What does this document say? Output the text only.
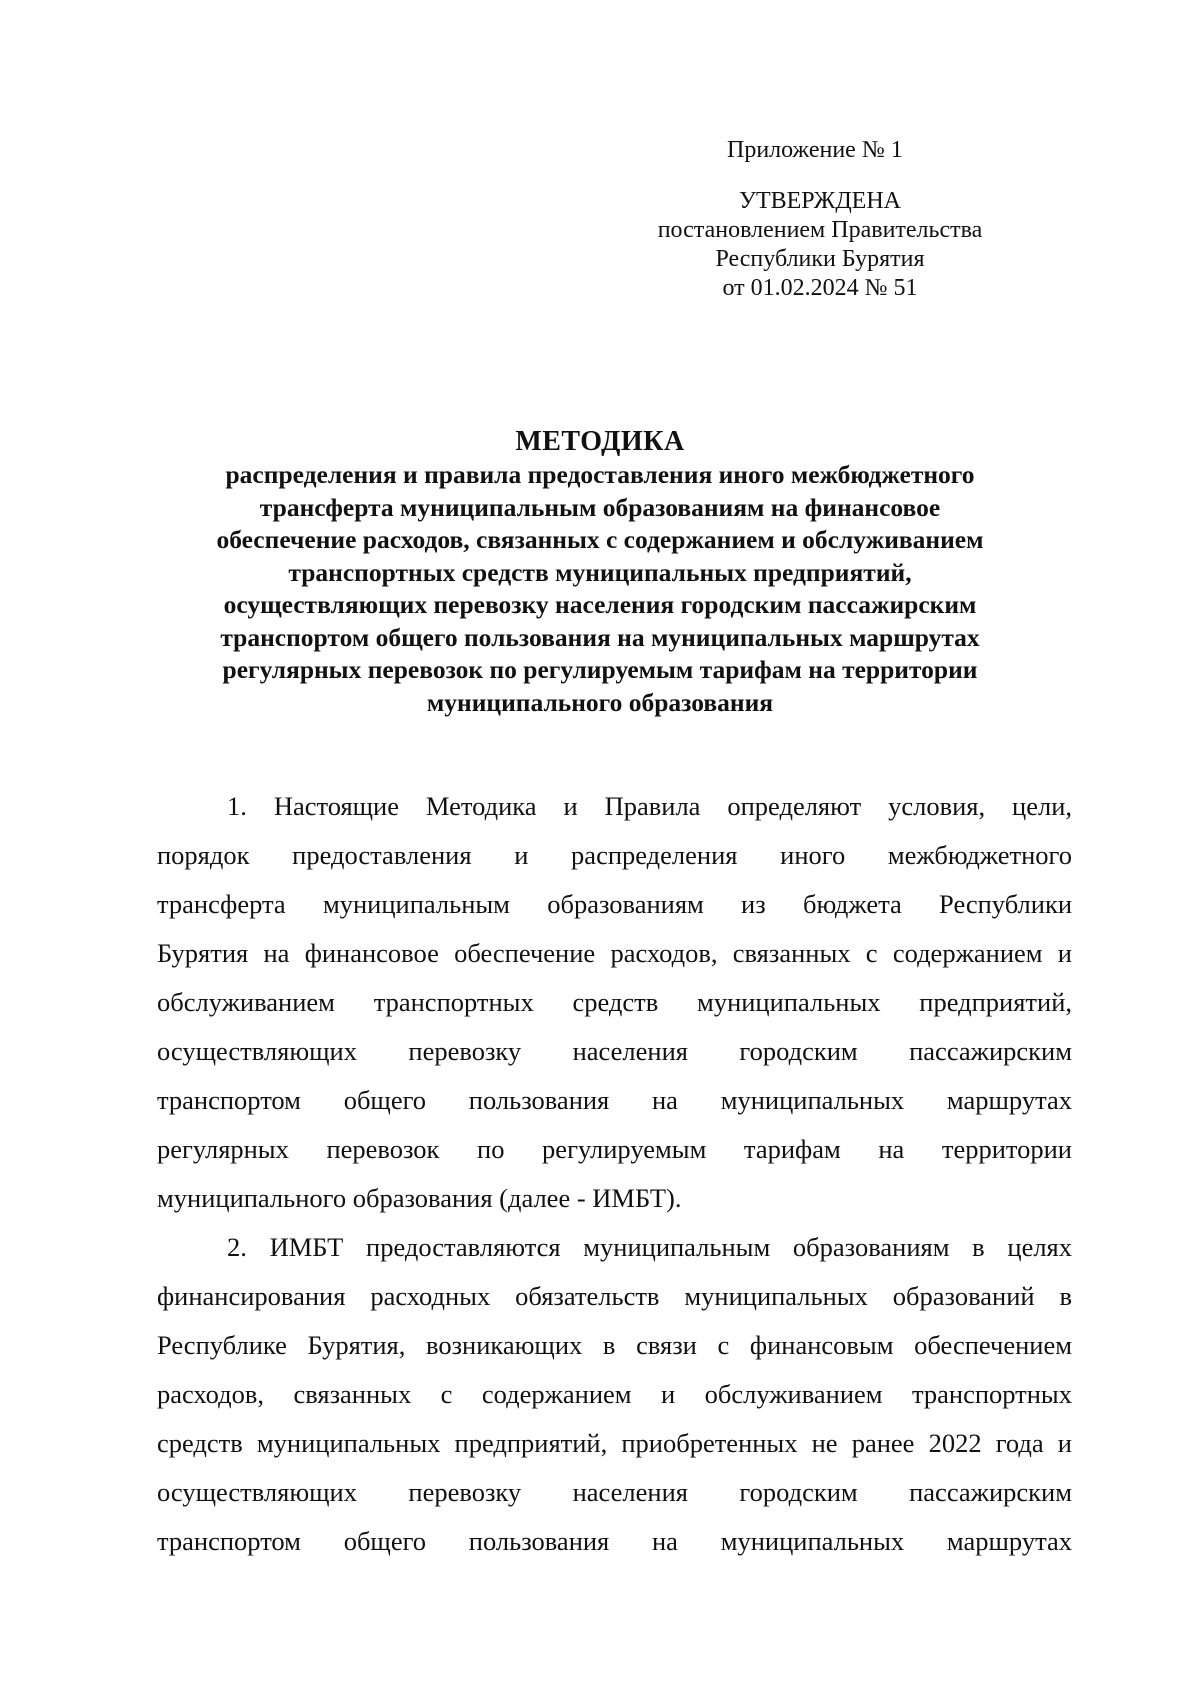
Приложение № 1
УТВЕРЖДЕНА
постановлением Правительства
Республики Бурятия
от 01.02.2024 № 51
МЕТОДИКА
распределения и правила предоставления иного межбюджетного
трансферта муниципальным образованиям на финансовое
обеспечение расходов, связанных с содержанием и обслуживанием
транспортных средств муниципальных предприятий,
осуществляющих перевозку населения городским пассажирским
транспортом общего пользования на муниципальных маршрутах
регулярных перевозок по регулируемым тарифам на территории
муниципального образования
1. Настоящие Методика и Правила определяют условия, цели,
порядок предоставления и распределения иного межбюджетного
трансферта муниципальным образованиям из бюджета Республики
Бурятия на финансовое обеспечение расходов, связанных с содержанием и
обслуживанием транспортных средств муниципальных предприятий,
осуществляющих перевозку населения городским пассажирским
транспортом общего пользования на муниципальных маршрутах
регулярных перевозок по регулируемым тарифам на территории
муниципального образования (далее - ИМБТ).
2. ИМБТ предоставляются муниципальным образованиям в целях
финансирования расходных обязательств муниципальных образований в
Республике Бурятия, возникающих в связи с финансовым обеспечением
расходов, связанных с содержанием и обслуживанием транспортных
средств муниципальных предприятий, приобретенных не ранее 2022 года и
осуществляющих перевозку населения городским пассажирским
транспортом общего пользования на муниципальных маршрутах
